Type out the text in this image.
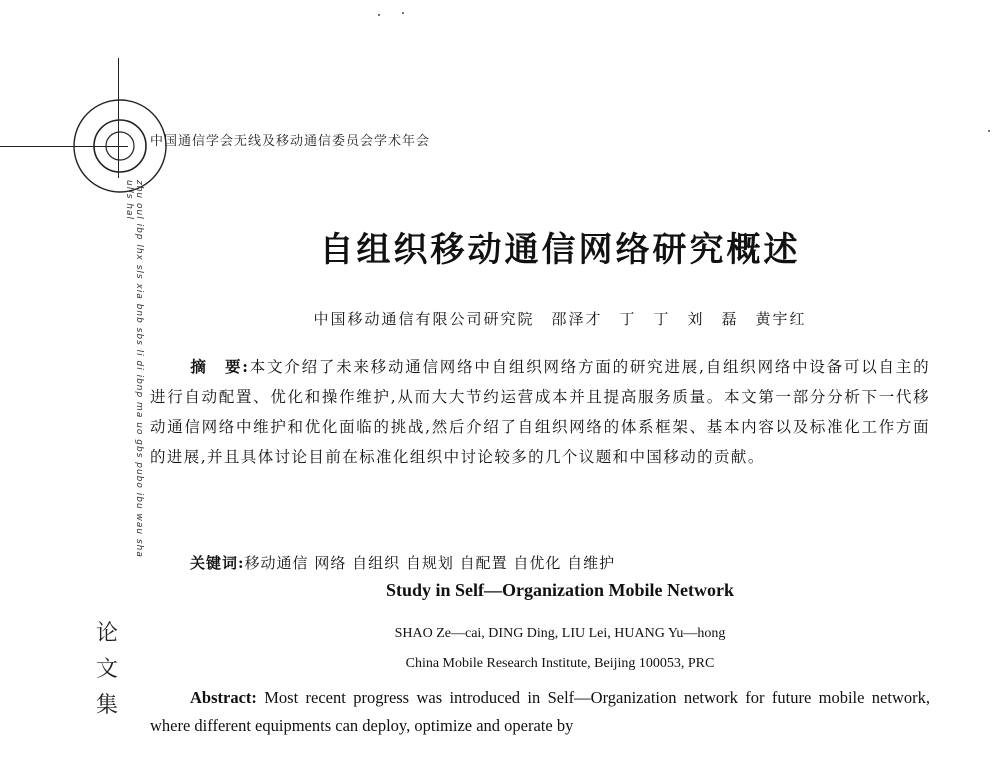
中国通信学会无线及移动通信委员会学术年会
zhu oul ibp lhx sls xia bnb sbs li di ibnp ma uo gbs pubo ibu wau sha ulls hal
论
文
集
自组织移动通信网络研究概述
中国移动通信有限公司研究院　邵泽才　丁　丁　刘　磊　黄宇红
摘　要:本文介绍了未来移动通信网络中自组织网络方面的研究进展,自组织网络中设备可以自主的进行自动配置、优化和操作维护,从而大大节约运营成本并且提高服务质量。本文第一部分分析下一代移动通信网络中维护和优化面临的挑战,然后介绍了自组织网络的体系框架、基本内容以及标准化工作方面的进展,并且具体讨论目前在标准化组织中讨论较多的几个议题和中国移动的贡献。
关键词:移动通信 网络 自组织 自规划 自配置 自优化 自维护
Study in Self—Organization Mobile Network
SHAO Ze—cai, DING Ding, LIU Lei, HUANG Yu—hong
China Mobile Research Institute, Beijing 100053, PRC
Abstract: Most recent progress was introduced in Self—Organization network for future mobile network, where different equipments can deploy, optimize and operate by
